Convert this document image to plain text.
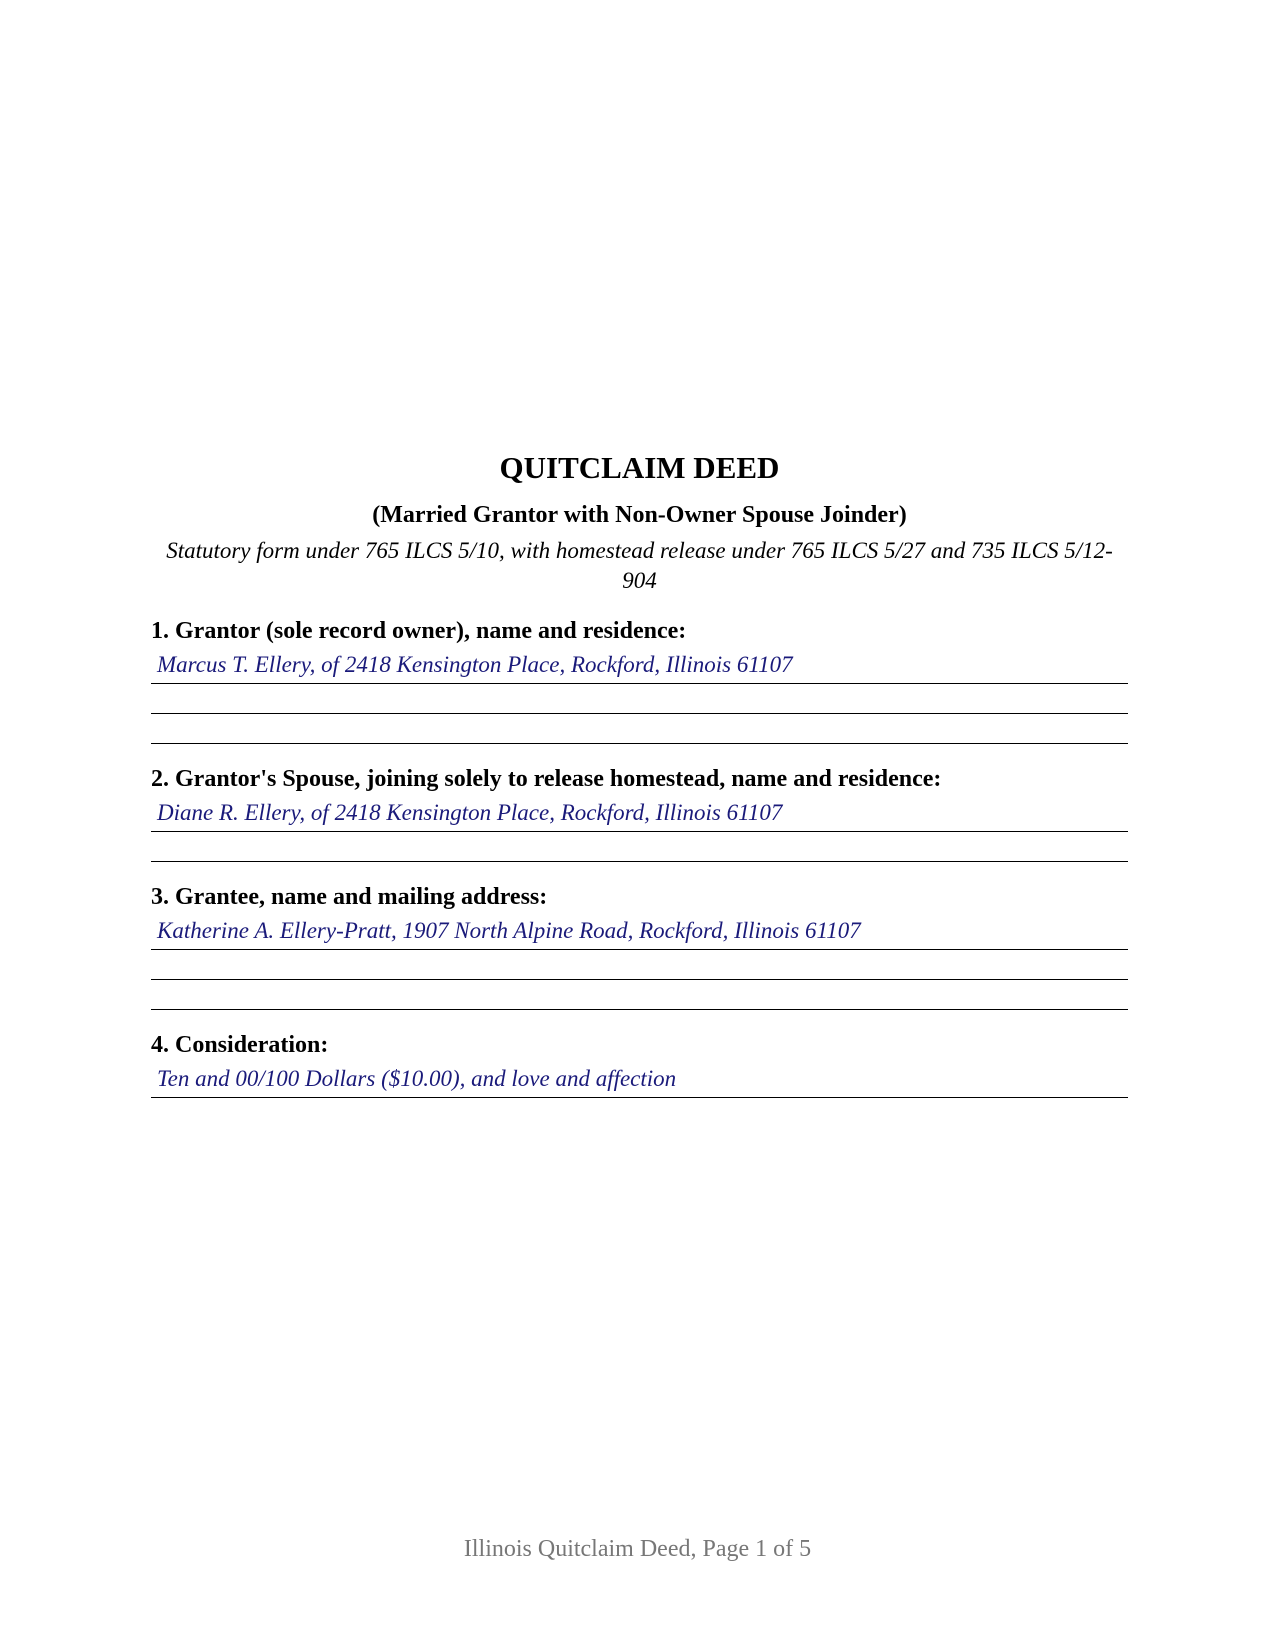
QUITCLAIM DEED

(Married Grantor with Non-Owner Spouse Joinder)

Statutory form under 765 ILCS 5/10, with homestead release under 765 ILCS 5/27 and 735 ILCS 5/12-904

1. Grantor (sole record owner), name and residence:

Marcus T. Ellery, of 2418 Kensington Place, Rockford, Illinois 61107

2. Grantor's Spouse, joining solely to release homestead, name and residence:

Diane R. Ellery, of 2418 Kensington Place, Rockford, Illinois 61107

3. Grantee, name and mailing address:

Katherine A. Ellery-Pratt, 1907 North Alpine Road, Rockford, Illinois 61107

4. Consideration:

Ten and 00/100 Dollars ($10.00), and love and affection
Illinois Quitclaim Deed, Page 1 of 5
